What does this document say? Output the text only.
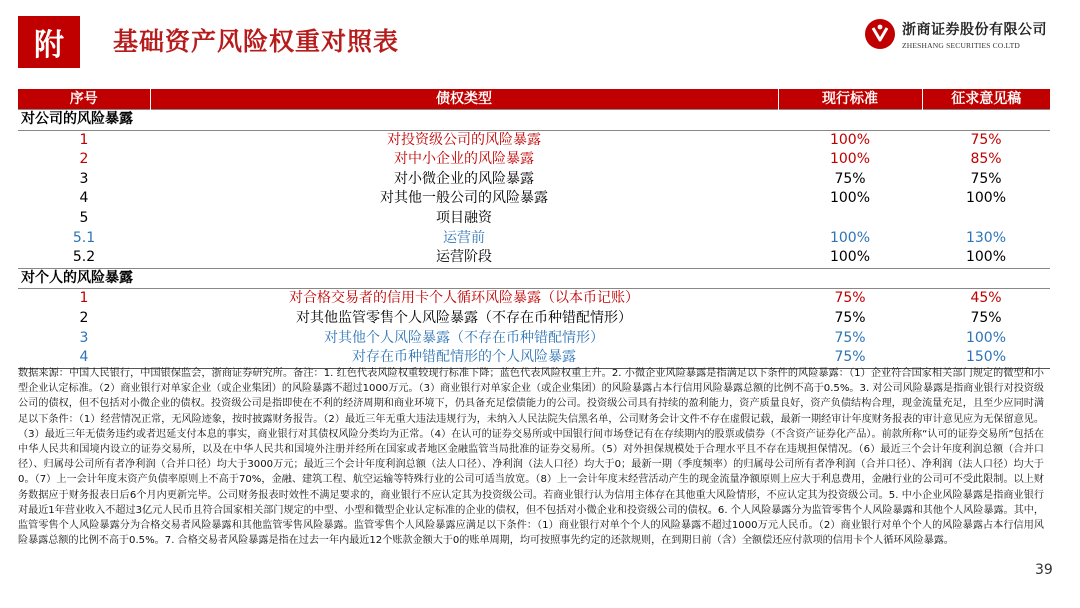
附	基础资产风险权重对照表	浙商证券股份有限公司
ZHESHANG SECURITIES CO.LTD
序号	债权类型	现行标准	征求意见稿
对公司的风险暴露			
1	对投资级公司的风险暴露	100%	75%
2	对中小企业的风险暴露	100%	85%
3	对小微企业的风险暴露	75%	75%
4	对其他一般公司的风险暴露	100%	100%
5	项目融资		
5.1	运营前	100%	130%
5.2	运营阶段	100%	100%
对个人的风险暴露			
1	对合格交易者的信用卡个人循环风险暴露（以本币记账）	75%	45%
2	对其他监管零售个人风险暴露（不存在币种错配情形）	75%	75%
3	对其他个人风险暴露（不存在币种错配情形）	75%	100%
4	对存在币种错配情形的个人风险暴露	75%	150%
数据来源：中国人民银行，中国银保监会，浙商证券研究所。备注：1. 红色代表风险权重较现行标准下降；蓝色代表风险权重上升。2. 小微企业风险暴露是指满足以下条件的风险暴露：（1）企业符合国家相关部门规定的微型和小型企业认定标准。（2）商业银行对单家企业（或企业集团）的风险暴露不超过1000万元。（3）商业银行对单家企业（或企业集团）的风险暴露占本行信用风险暴露总额的比例不高于0.5%。3. 对公司风险暴露是指商业银行对投资级公司的债权，但不包括对小微企业的债权。投资级公司是指即使在不利的经济周期和商业环境下，仍具备充足偿债能力的公司。投资级公司具有持续的盈利能力，资产质量良好，资产负债结构合理，现金流量充足，且至少应同时满足以下条件：（1）经营情况正常，无风险迹象，按时披露财务报告。（2）最近三年无重大违法违规行为，未纳入人民法院失信黑名单，公司财务会计文件不存在虚假记载，最新一期经审计年度财务报表的审计意见应为无保留意见。（3）最近三年无债务违约或者迟延支付本息的事实，商业银行对其债权风险分类均为正常。（4）在认可的证券交易所或中国银行间市场登记有在存续期内的股票或债券（不含资产证券化产品）。前款所称“认可的证券交易所”包括在中华人民共和国境内设立的证券交易所，以及在中华人民共和国境外注册并经所在国家或者地区金融监管当局批准的证券交易所。（5）对外担保规模处于合理水平且不存在违规担保情况。（6）最近三个会计年度利润总额（合并口径）、归属母公司所有者净利润（合并口径）均大于3000万元；最近三个会计年度利润总额（法人口径）、净利润（法人口径）均大于0；最新一期（季度频率）的归属母公司所有者净利润（合并口径）、净利润（法人口径）均大于0。（7）上一会计年度末资产负债率原则上不高于70%，金融、建筑工程、航空运输等特殊行业的公司可适当放宽。（8）上一会计年度末经营活动产生的现金流量净额原则上应大于利息费用，金融行业的公司可不受此限制。以上财务数据应于财务报表日后6个月内更新完毕。公司财务报表时效性不满足要求的，商业银行不应认定其为投资级公司。若商业银行认为信用主体存在其他重大风险情形，不应认定其为投资级公司。5. 中小企业风险暴露是指商业银行对最近1年营业收入不超过3亿元人民币且符合国家相关部门规定的中型、小型和微型企业认定标准的企业的债权，但不包括对小微企业和投资级公司的债权。6. 个人风险暴露分为监管零售个人风险暴露和其他个人风险暴露。其中，监管零售个人风险暴露分为合格交易者风险暴露和其他监管零售风险暴露。监管零售个人风险暴露应满足以下条件：（1）商业银行对单个个人的风险暴露不超过1000万元人民币。（2）商业银行对单个个人的风险暴露占本行信用风险暴露总额的比例不高于0.5%。7. 合格交易者风险暴露是指在过去一年内最近12个账款金额大于0的账单周期，均可按照事先约定的还款规则，在到期日前（含）全额偿还应付款项的信用卡个人循环风险暴露。
39
